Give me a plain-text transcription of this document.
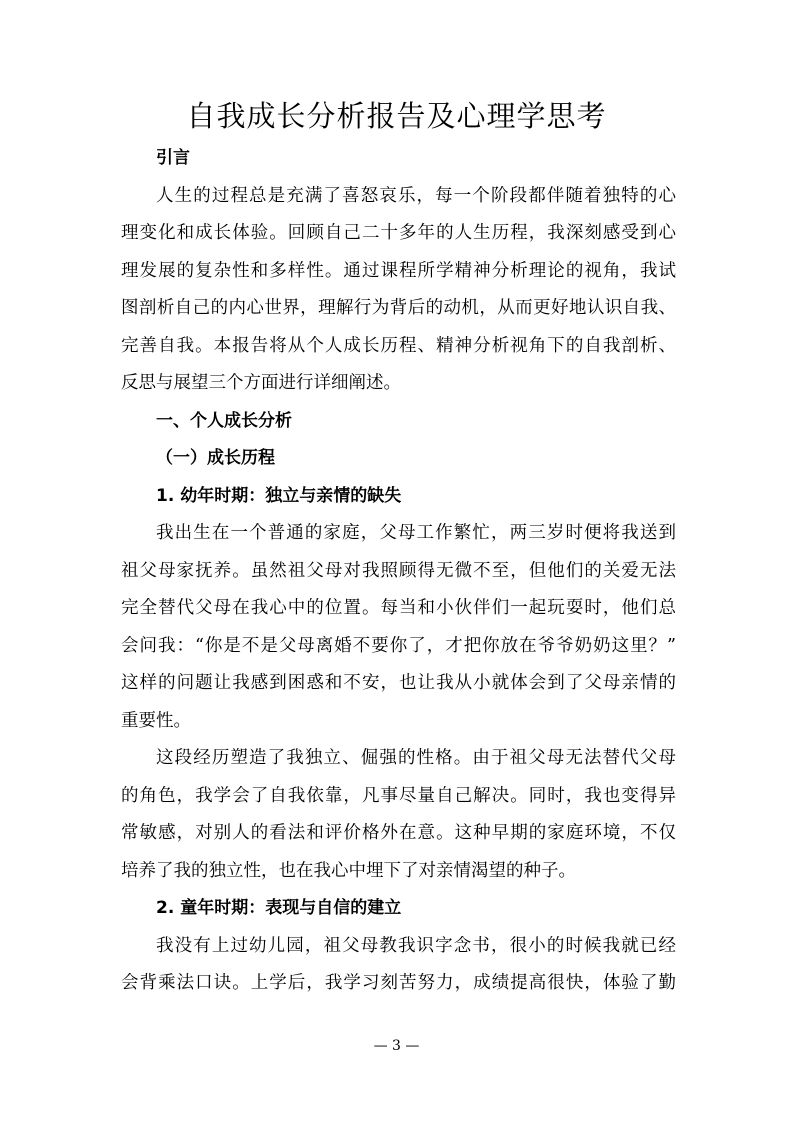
自我成长分析报告及心理学思考
引言
人生的过程总是充满了喜怒哀乐，每一个阶段都伴随着独特的心
理变化和成长体验。回顾自己二十多年的人生历程，我深刻感受到心
理发展的复杂性和多样性。通过课程所学精神分析理论的视角，我试
图剖析自己的内心世界，理解行为背后的动机，从而更好地认识自我、
完善自我。本报告将从个人成长历程、精神分析视角下的自我剖析、
反思与展望三个方面进行详细阐述。
一、个人成长分析
（一）成长历程
1. 幼年时期：独立与亲情的缺失
我出生在一个普通的家庭，父母工作繁忙，两三岁时便将我送到
祖父母家抚养。虽然祖父母对我照顾得无微不至，但他们的关爱无法
完全替代父母在我心中的位置。每当和小伙伴们一起玩耍时，他们总
会问我：“你是不是父母离婚不要你了，才把你放在爷爷奶奶这里？”
这样的问题让我感到困惑和不安，也让我从小就体会到了父母亲情的
重要性。
这段经历塑造了我独立、倔强的性格。由于祖父母无法替代父母
的角色，我学会了自我依靠，凡事尽量自己解决。同时，我也变得异
常敏感，对别人的看法和评价格外在意。这种早期的家庭环境，不仅
培养了我的独立性，也在我心中埋下了对亲情渴望的种子。
2. 童年时期：表现与自信的建立
我没有上过幼儿园，祖父母教我识字念书，很小的时候我就已经
会背乘法口诀。上学后，我学习刻苦努力，成绩提高很快，体验了勤
— 3 —
